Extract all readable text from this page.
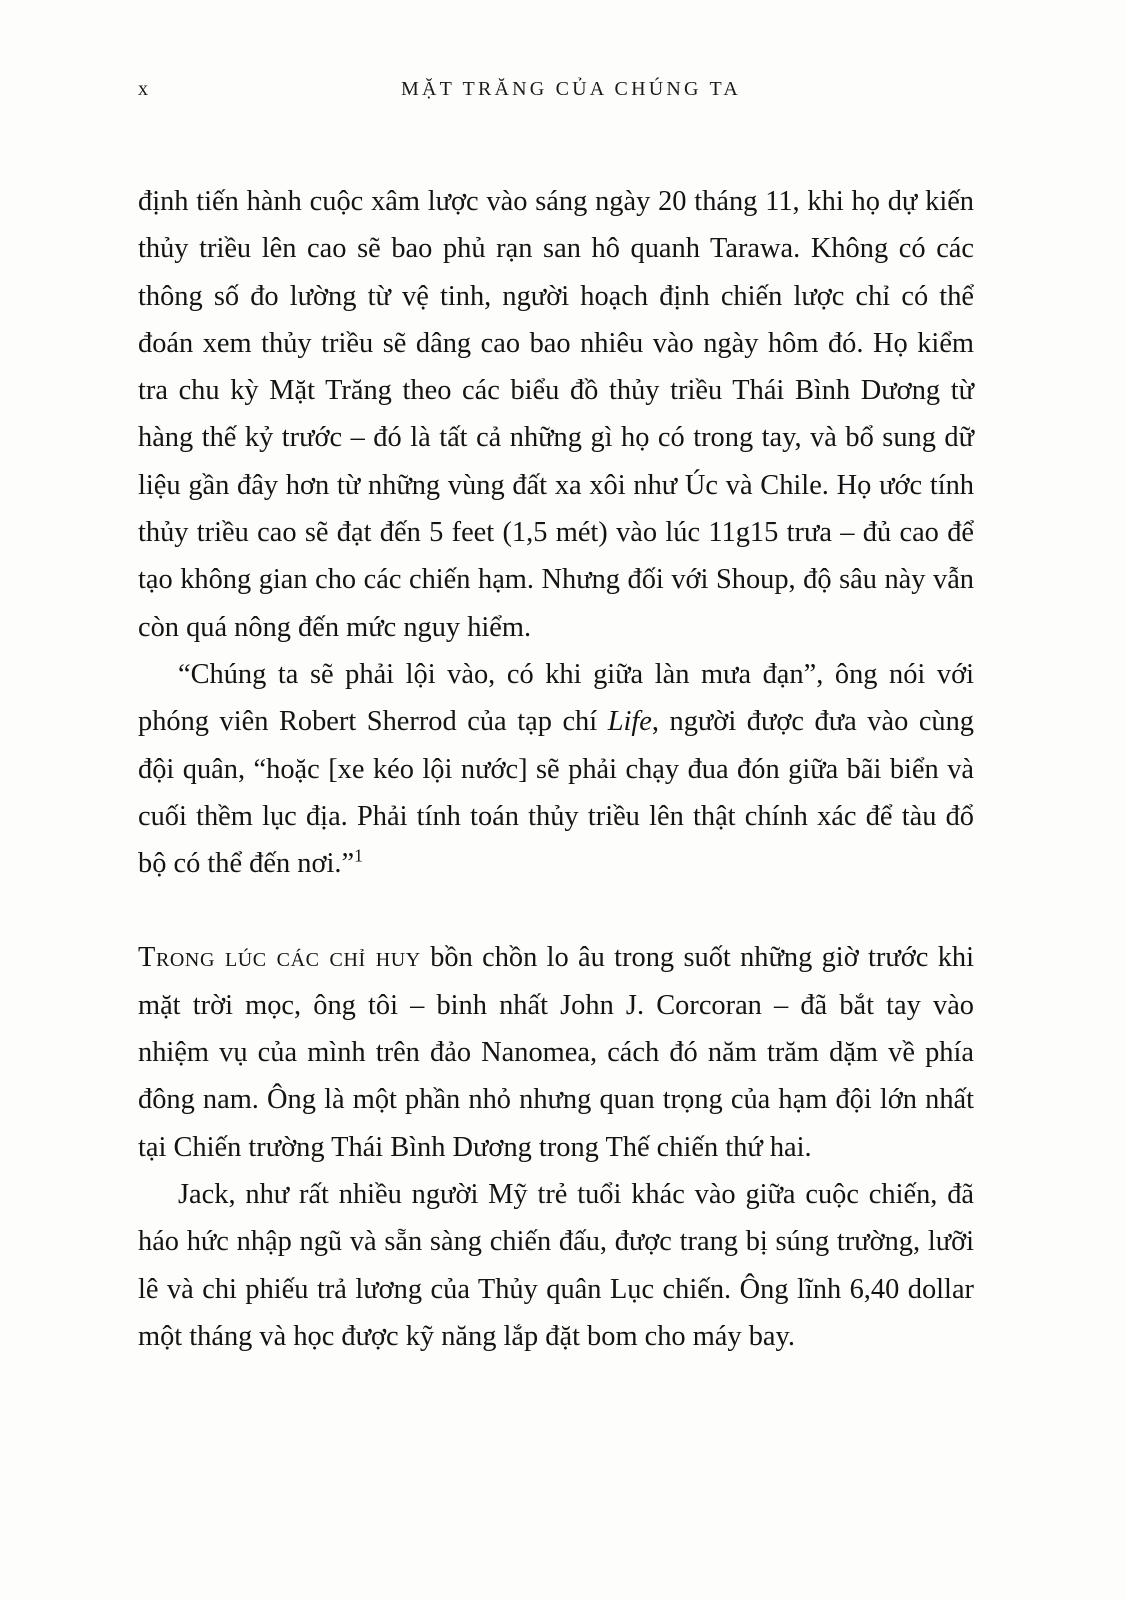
x	MẶT TRĂNG CỦA CHÚNG TA

định tiến hành cuộc xâm lược vào sáng ngày 20 tháng 11, khi họ dự kiến thủy triều lên cao sẽ bao phủ rạn san hô quanh Tarawa. Không có các thông số đo lường từ vệ tinh, người hoạch định chiến lược chỉ có thể đoán xem thủy triều sẽ dâng cao bao nhiêu vào ngày hôm đó. Họ kiểm tra chu kỳ Mặt Trăng theo các biểu đồ thủy triều Thái Bình Dương từ hàng thế kỷ trước – đó là tất cả những gì họ có trong tay, và bổ sung dữ liệu gần đây hơn từ những vùng đất xa xôi như Úc và Chile. Họ ước tính thủy triều cao sẽ đạt đến 5 feet (1,5 mét) vào lúc 11g15 trưa – đủ cao để tạo không gian cho các chiến hạm. Nhưng đối với Shoup, độ sâu này vẫn còn quá nông đến mức nguy hiểm.

“Chúng ta sẽ phải lội vào, có khi giữa làn mưa đạn”, ông nói với phóng viên Robert Sherrod của tạp chí Life, người được đưa vào cùng đội quân, “hoặc [xe kéo lội nước] sẽ phải chạy đua đón giữa bãi biển và cuối thềm lục địa. Phải tính toán thủy triều lên thật chính xác để tàu đổ bộ có thể đến nơi.”$^1$

Trong lúc các chỉ huy bồn chồn lo âu trong suốt những giờ trước khi mặt trời mọc, ông tôi – binh nhất John J. Corcoran – đã bắt tay vào nhiệm vụ của mình trên đảo Nanomea, cách đó năm trăm dặm về phía đông nam. Ông là một phần nhỏ nhưng quan trọng của hạm đội lớn nhất tại Chiến trường Thái Bình Dương trong Thế chiến thứ hai.

Jack, như rất nhiều người Mỹ trẻ tuổi khác vào giữa cuộc chiến, đã háo hức nhập ngũ và sẵn sàng chiến đấu, được trang bị súng trường, lưỡi lê và chi phiếu trả lương của Thủy quân Lục chiến. Ông lĩnh 6,40 dollar một tháng và học được kỹ năng lắp đặt bom cho máy bay.
